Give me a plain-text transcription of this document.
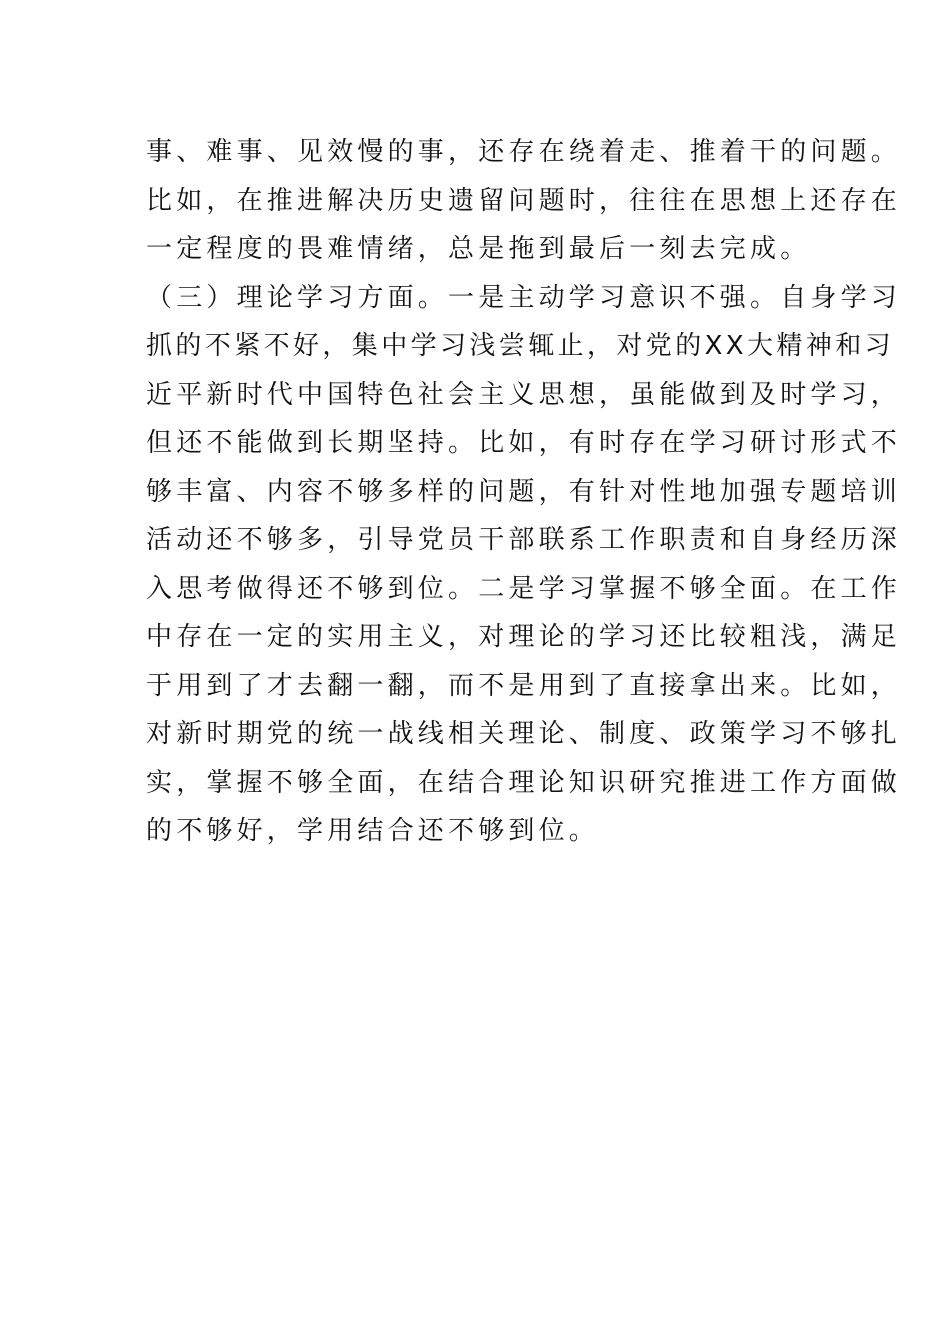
事、难事、见效慢的事，还存在绕着走、推着干的问题。
比如，在推进解决历史遗留问题时，往往在思想上还存在
一定程度的畏难情绪，总是拖到最后一刻去完成。
（三）理论学习方面。一是主动学习意识不强。自身学习
抓的不紧不好，集中学习浅尝辄止，对党的XX大精神和习
近平新时代中国特色社会主义思想，虽能做到及时学习，
但还不能做到长期坚持。比如，有时存在学习研讨形式不
够丰富、内容不够多样的问题，有针对性地加强专题培训
活动还不够多，引导党员干部联系工作职责和自身经历深
入思考做得还不够到位。二是学习掌握不够全面。在工作
中存在一定的实用主义，对理论的学习还比较粗浅，满足
于用到了才去翻一翻，而不是用到了直接拿出来。比如，
对新时期党的统一战线相关理论、制度、政策学习不够扎
实，掌握不够全面，在结合理论知识研究推进工作方面做
的不够好，学用结合还不够到位。
